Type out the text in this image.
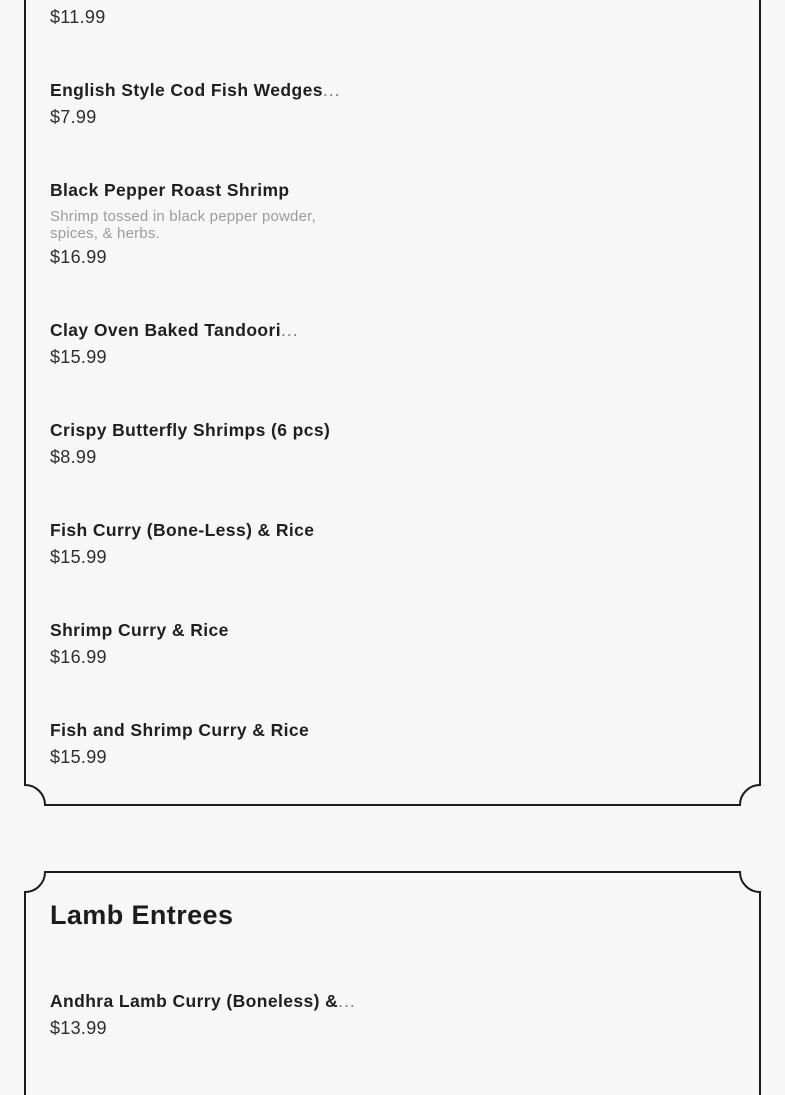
$11.99
English Style Cod Fish Wedges...
$7.99
Black Pepper Roast Shrimp

Shrimp tossed in black pepper powder, spices, & herbs.

$16.99
Clay Oven Baked Tandoori...
$15.99
Crispy Butterfly Shrimps (6 pcs)
$8.99
Fish Curry (Bone-Less) & Rice
$15.99
Shrimp Curry & Rice
$16.99
Fish and Shrimp Curry & Rice
$15.99
Lamb Entrees
Andhra Lamb Curry (Boneless) &...
$13.99
